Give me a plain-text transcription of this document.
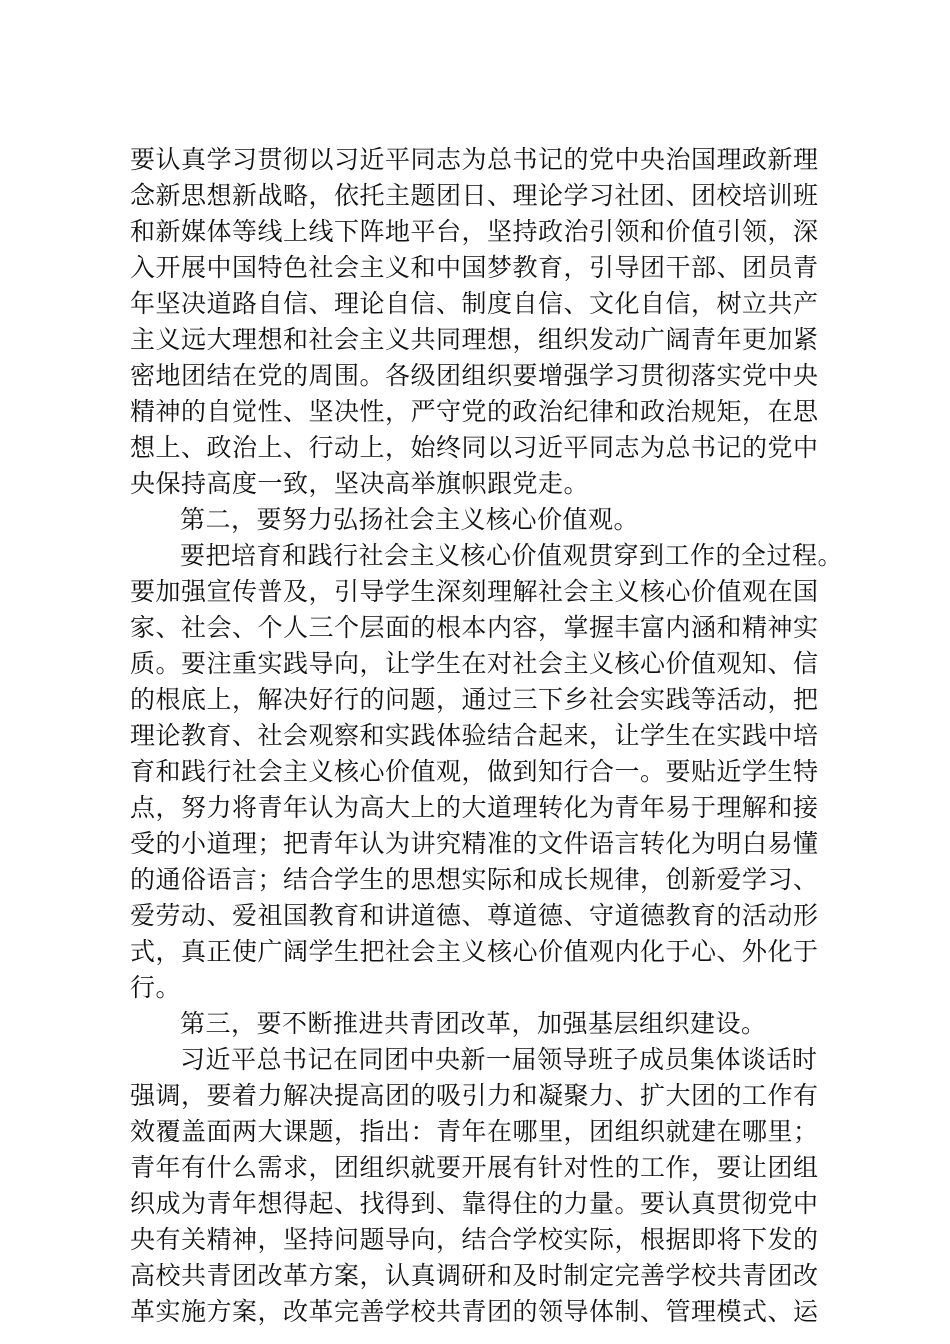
要认真学习贯彻以习近平同志为总书记的党中央治国理政新理
念新思想新战略，依托主题团日、理论学习社团、团校培训班
和新媒体等线上线下阵地平台，坚持政治引领和价值引领，深
入开展中国特色社会主义和中国梦教育，引导团干部、团员青
年坚决道路自信、理论自信、制度自信、文化自信，树立共产
主义远大理想和社会主义共同理想，组织发动广阔青年更加紧
密地团结在党的周围。各级团组织要增强学习贯彻落实党中央
精神的自觉性、坚决性，严守党的政治纪律和政治规矩，在思
想上、政治上、行动上，始终同以习近平同志为总书记的党中
央保持高度一致，坚决高举旗帜跟党走。
第二，要努力弘扬社会主义核心价值观。
要把培育和践行社会主义核心价值观贯穿到工作的全过程。
要加强宣传普及，引导学生深刻理解社会主义核心价值观在国
家、社会、个人三个层面的根本内容，掌握丰富内涵和精神实
质。要注重实践导向，让学生在对社会主义核心价值观知、信
的根底上，解决好行的问题，通过三下乡社会实践等活动，把
理论教育、社会观察和实践体验结合起来，让学生在实践中培
育和践行社会主义核心价值观，做到知行合一。要贴近学生特
点，努力将青年认为高大上的大道理转化为青年易于理解和接
受的小道理；把青年认为讲究精准的文件语言转化为明白易懂
的通俗语言；结合学生的思想实际和成长规律，创新爱学习、
爱劳动、爱祖国教育和讲道德、尊道德、守道德教育的活动形
式，真正使广阔学生把社会主义核心价值观内化于心、外化于
行。
第三，要不断推进共青团改革，加强基层组织建设。
习近平总书记在同团中央新一届领导班子成员集体谈话时
强调，要着力解决提高团的吸引力和凝聚力、扩大团的工作有
效覆盖面两大课题，指出：青年在哪里，团组织就建在哪里；
青年有什么需求，团组织就要开展有针对性的工作，要让团组
织成为青年想得起、找得到、靠得住的力量。要认真贯彻党中
央有关精神，坚持问题导向，结合学校实际，根据即将下发的
高校共青团改革方案，认真调研和及时制定完善学校共青团改
革实施方案，改革完善学校共青团的领导体制、管理模式、运
